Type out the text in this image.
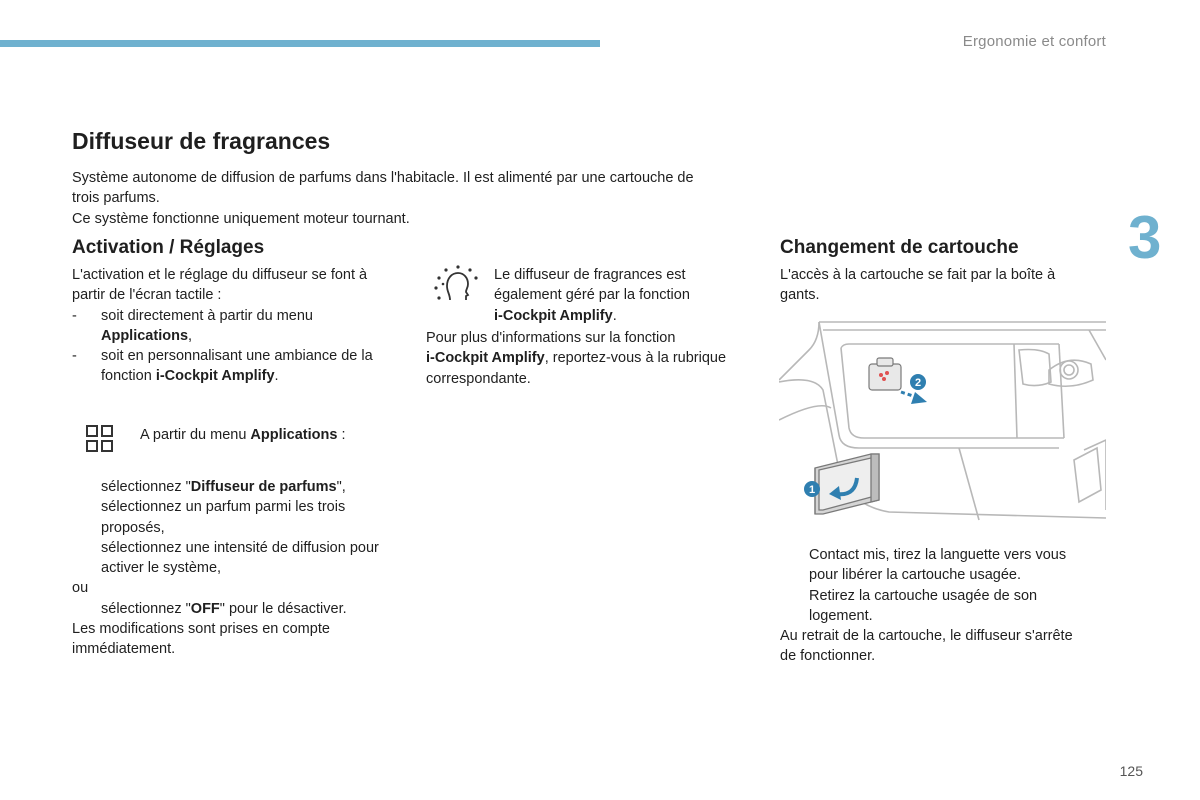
Ergonomie et confort
3
Diffuseur de fragrances
Système autonome de diffusion de parfums dans l'habitacle. Il est alimenté par une cartouche de
trois parfums.
Ce système fonctionne uniquement moteur tournant.
Activation / Réglages
L'activation et le réglage du diffuseur se font à
partir de l'écran tactile :
-	soit directement à partir du menu
Applications,
-	soit en personnalisant une ambiance de la
fonction i-Cockpit Amplify.
A partir du menu Applications :
sélectionnez "Diffuseur de parfums",
sélectionnez un parfum parmi les trois
proposés,
sélectionnez une intensité de diffusion pour
activer le système,
ou
sélectionnez "OFF" pour le désactiver.
Les modifications sont prises en compte
immédiatement.
Le diffuseur de fragrances est
également géré par la fonction
i-Cockpit Amplify.
Pour plus d'informations sur la fonction
i-Cockpit Amplify, reportez-vous à la rubrique
correspondante.
Changement de cartouche
L'accès à la cartouche se fait par la boîte à
gants.
2
1
Contact mis, tirez la languette vers vous
pour libérer la cartouche usagée.
Retirez la cartouche usagée de son
logement.
Au retrait de la cartouche, le diffuseur s'arrête
de fonctionner.
125
